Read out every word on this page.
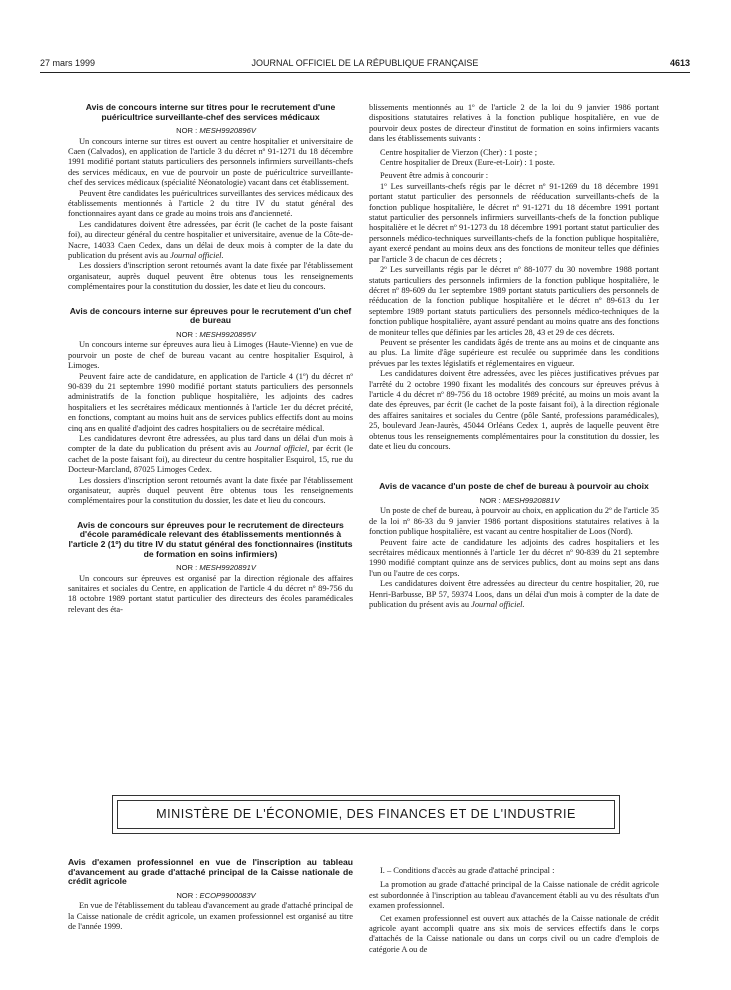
27 mars 1999	JOURNAL OFFICIEL DE LA RÉPUBLIQUE FRANÇAISE	4613
Avis de concours interne sur titres pour le recrutement d'une puéricultrice surveillante-chef des services médicaux

NOR : MESH9920896V

Un concours interne sur titres est ouvert au centre hospitalier et universitaire de Caen (Calvados), en application de l'article 3 du décret nº 91-1271 du 18 décembre 1991 modifié portant statuts particuliers des personnels infirmiers surveillants-chefs des services médicaux, en vue de pourvoir un poste de puéricultrice surveillante-chef des services médicaux (spécialité Néonatologie) vacant dans cet établissement.

Peuvent être candidates les puéricultrices surveillantes des services médicaux des établissements mentionnés à l'article 2 du titre IV du statut général des fonctionnaires ayant dans ce grade au moins trois ans d'ancienneté.

Les candidatures doivent être adressées, par écrit (le cachet de la poste faisant foi), au directeur général du centre hospitalier et universitaire, avenue de la Côte-de-Nacre, 14033 Caen Cedex, dans un délai de deux mois à compter de la date du publication du présent avis au Journal officiel.

Les dossiers d'inscription seront retournés avant la date fixée par l'établissement organisateur, auprès duquel peuvent être obtenus tous les renseignements complémentaires pour la constitution du dossier, les date et lieu du concours.

Avis de concours interne sur épreuves pour le recrutement d'un chef de bureau

NOR : MESH9920895V

Un concours interne sur épreuves aura lieu à Limoges (Haute-Vienne) en vue de pourvoir un poste de chef de bureau vacant au centre hospitalier Esquirol, à Limoges.

Peuvent faire acte de candidature, en application de l'article 4 (1º) du décret nº 90-839 du 21 septembre 1990 modifié portant statuts particuliers des personnels administratifs de la fonction publique hospitalière, les adjoints des cadres hospitaliers et les secrétaires médicaux mentionnés à l'article 1er du décret précité, en fonctions, comptant au moins huit ans de services publics effectifs dont au moins cinq ans en qualité d'adjoint des cadres hospitaliers ou de secrétaire médical.

Les candidatures devront être adressées, au plus tard dans un délai d'un mois à compter de la date du publication du présent avis au Journal officiel, par écrit (le cachet de la poste faisant foi), au directeur du centre hospitalier Esquirol, 15, rue du Docteur-Marcland, 87025 Limoges Cedex.

Les dossiers d'inscription seront retournés avant la date fixée par l'établissement organisateur, auprès duquel peuvent être obtenus tous les renseignements complémentaires pour la constitution du dossier, les date et lieu du concours.

Avis de concours sur épreuves pour le recrutement de directeurs d'école paramédicale relevant des établissements mentionnés à l'article 2 (1º) du titre IV du statut général des fonctionnaires (instituts de formation en soins infirmiers)

NOR : MESH9920891V

Un concours sur épreuves est organisé par la direction régionale des affaires sanitaires et sociales du Centre, en application de l'article 4 du décret nº 89-756 du 18 octobre 1989 portant statut particulier des directeurs des écoles paramédicales relevant des éta-

blissements mentionnés au 1º de l'article 2 de la loi du 9 janvier 1986 portant dispositions statutaires relatives à la fonction publique hospitalière, en vue de pourvoir deux postes de directeur d'institut de formation en soins infirmiers vacants dans les établissements suivants :

Centre hospitalier de Vierzon (Cher) : 1 poste ;

Centre hospitalier de Dreux (Eure-et-Loir) : 1 poste.

Peuvent être admis à concourir :

1º Les surveillants-chefs régis par le décret nº 91-1269 du 18 décembre 1991 portant statut particulier des personnels de rééducation surveillants-chefs de la fonction publique hospitalière, le décret nº 91-1271 du 18 décembre 1991 portant statut particulier des personnels infirmiers surveillants-chefs de la fonction publique hospitalière et le décret nº 91-1273 du 18 décembre 1991 portant statut particulier des personnels médico-techniques surveillants-chefs de la fonction publique hospitalière, ayant exercé pendant au moins deux ans des fonctions de moniteur telles que définies par l'article 3 de chacun de ces décrets ;

2º Les surveillants régis par le décret nº 88-1077 du 30 novembre 1988 portant statuts particuliers des personnels infirmiers de la fonction publique hospitalière, le décret nº 89-609 du 1er septembre 1989 portant statuts particuliers des personnels de rééducation de la fonction publique hospitalière et le décret nº 89-613 du 1er septembre 1989 portant statuts particuliers des personnels médico-techniques de la fonction publique hospitalière, ayant assuré pendant au moins quatre ans des fonctions de moniteur telles que définies par les articles 28, 43 et 29 de ces décrets.

Peuvent se présenter les candidats âgés de trente ans au moins et de cinquante ans au plus. La limite d'âge supérieure est reculée ou supprimée dans les conditions prévues par les textes législatifs et réglementaires en vigueur.

Les candidatures doivent être adressées, avec les pièces justificatives prévues par l'arrêté du 2 octobre 1990 fixant les modalités des concours sur épreuves prévus à l'article 4 du décret nº 89-756 du 18 octobre 1989 précité, au moins un mois avant la date des épreuves, par écrit (le cachet de la poste faisant foi), à la direction régionale des affaires sanitaires et sociales du Centre (pôle Santé, professions paramédicales), 25, boulevard Jean-Jaurès, 45044 Orléans Cedex 1, auprès de laquelle peuvent être obtenus tous les renseignements complémentaires pour la constitution du dossier, les date et lieu du concours.

Avis de vacance d'un poste de chef de bureau à pourvoir au choix

NOR : MESH9920881V

Un poste de chef de bureau, à pourvoir au choix, en application du 2º de l'article 35 de la loi nº 86-33 du 9 janvier 1986 portant dispositions statutaires relatives à la fonction publique hospitalière, est vacant au centre hospitalier de Loos (Nord).

Peuvent faire acte de candidature les adjoints des cadres hospitaliers et les secrétaires médicaux mentionnés à l'article 1er du décret nº 90-839 du 21 septembre 1990 modifié comptant quinze ans de services publics, dont au moins sept ans dans l'un ou l'autre de ces corps.

Les candidatures doivent être adressées au directeur du centre hospitalier, 20, rue Henri-Barbusse, BP 57, 59374 Loos, dans un délai d'un mois à compter de la date de publication du présent avis au Journal officiel.

MINISTÈRE DE L'ÉCONOMIE, DES FINANCES ET DE L'INDUSTRIE
Avis d'examen professionnel en vue de l'inscription au tableau d'avancement au grade d'attaché principal de la Caisse nationale de crédit agricole

NOR : ECOP9900083V

En vue de l'établissement du tableau d'avancement au grade d'attaché principal de la Caisse nationale de crédit agricole, un examen professionnel est organisé au titre de l'année 1999.

I. – Conditions d'accès au grade d'attaché principal :

La promotion au grade d'attaché principal de la Caisse nationale de crédit agricole est subordonnée à l'inscription au tableau d'avancement établi au vu des résultats d'un examen professionnel.

Cet examen professionnel est ouvert aux attachés de la Caisse nationale de crédit agricole ayant accompli quatre ans six mois de services effectifs dans le corps d'attachés de la Caisse nationale ou dans un corps civil ou un cadre d'emplois de catégorie A ou de
